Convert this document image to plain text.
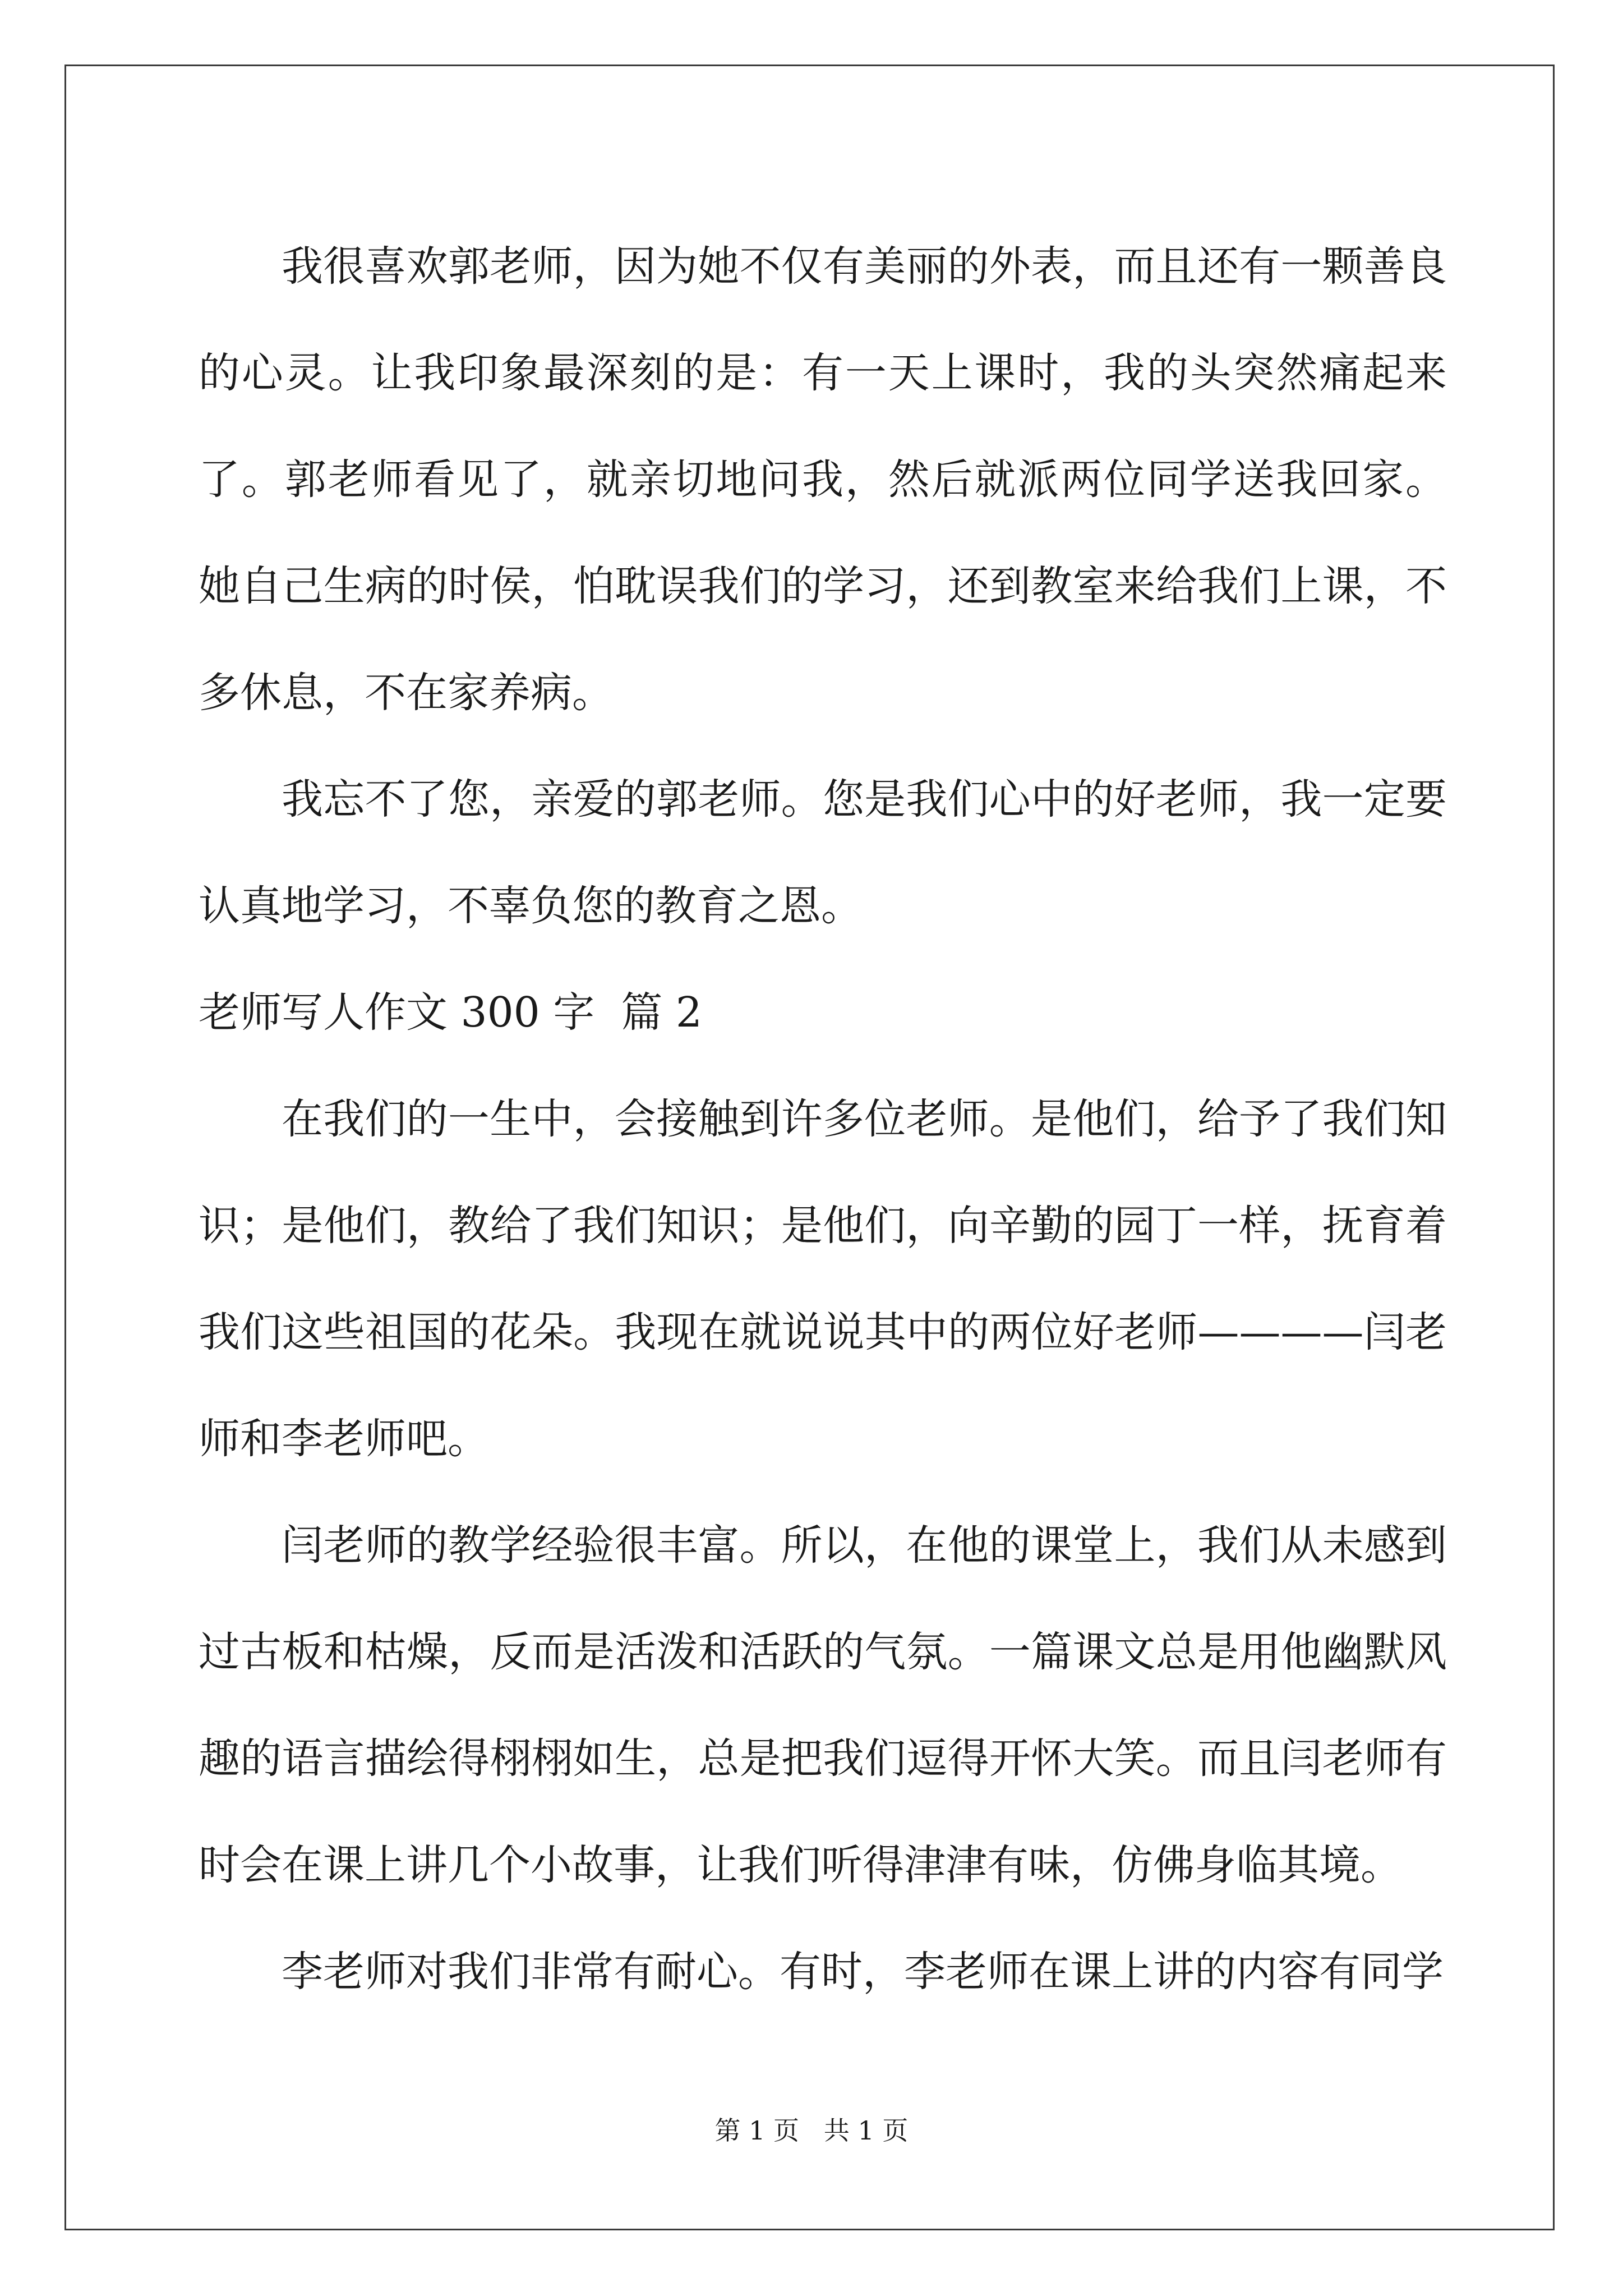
我很喜欢郭老师，因为她不仅有美丽的外表，而且还有一颗善良的心灵。让我印象最深刻的是：有一天上课时，我的头突然痛起来了。郭老师看见了，就亲切地问我，然后就派两位同学送我回家。 她自己生病的时侯，怕耽误我们的学习，还到教室来给我们上课，不多休息，不在家养病。

我忘不了您，亲爱的郭老师。您是我们心中的好老师，我一定要认真地学习，不辜负您的教育之恩。

老师写人作文 300 字  篇 2

在我们的一生中，会接触到许多位老师。是他们，给予了我们知识；是他们，教给了我们知识；是他们，向辛勤的园丁一样，抚育着我们这些祖国的花朵。我现在就说说其中的两位好老师————闫老师和李老师吧。

闫老师的教学经验很丰富。所以，在他的课堂上，我们从未感到过古板和枯燥，反而是活泼和活跃的气氛。一篇课文总是用他幽默风趣的语言描绘得栩栩如生，总是把我们逗得开怀大笑。而且闫老师有时会在课上讲几个小故事，让我们听得津津有味，仿佛身临其境。

李老师对我们非常有耐心。有时，李老师在课上讲的内容有同学

第 1 页   共 1 页
